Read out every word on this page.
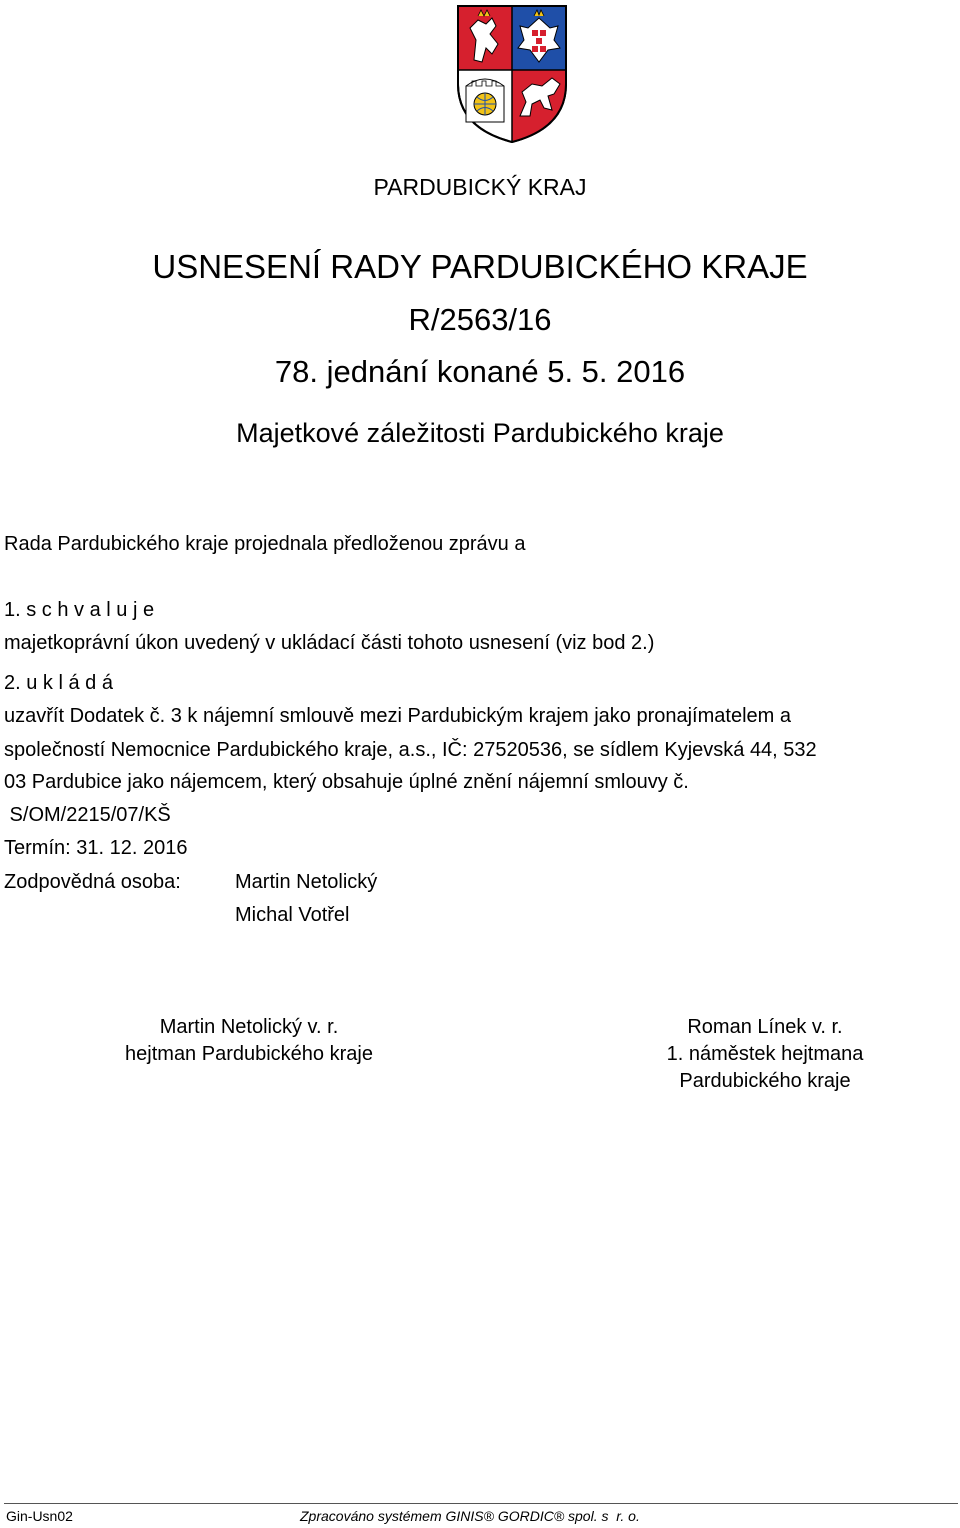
PARDUBICKÝ KRAJ
USNESENÍ RADY PARDUBICKÉHO KRAJE
R/2563/16
78. jednání konané 5. 5. 2016
Majetkové záležitosti Pardubického kraje
Rada Pardubického kraje projednala předloženou zprávu a
1. s c h v a l u j e
majetkoprávní úkon uvedený v ukládací části tohoto usnesení (viz bod 2.)
2. u k l á d á
uzavřít Dodatek č. 3 k nájemní smlouvě mezi Pardubickým krajem jako pronajímatelem a
společností Nemocnice Pardubického kraje, a.s., IČ: 27520536, se sídlem Kyjevská 44, 532
03 Pardubice jako nájemcem, který obsahuje úplné znění nájemní smlouvy č.
S/OM/2215/07/KŠ
Termín: 31. 12. 2016
Zodpovědná osoba:	Martin Netolický
Michal Votřel
Martin Netolický v. r.
hejtman Pardubického kraje
Roman Línek v. r.
1. náměstek hejtmana
Pardubického kraje
Gin-Usn02	Zpracováno systémem GINIS® GORDIC® spol. s  r. o.
